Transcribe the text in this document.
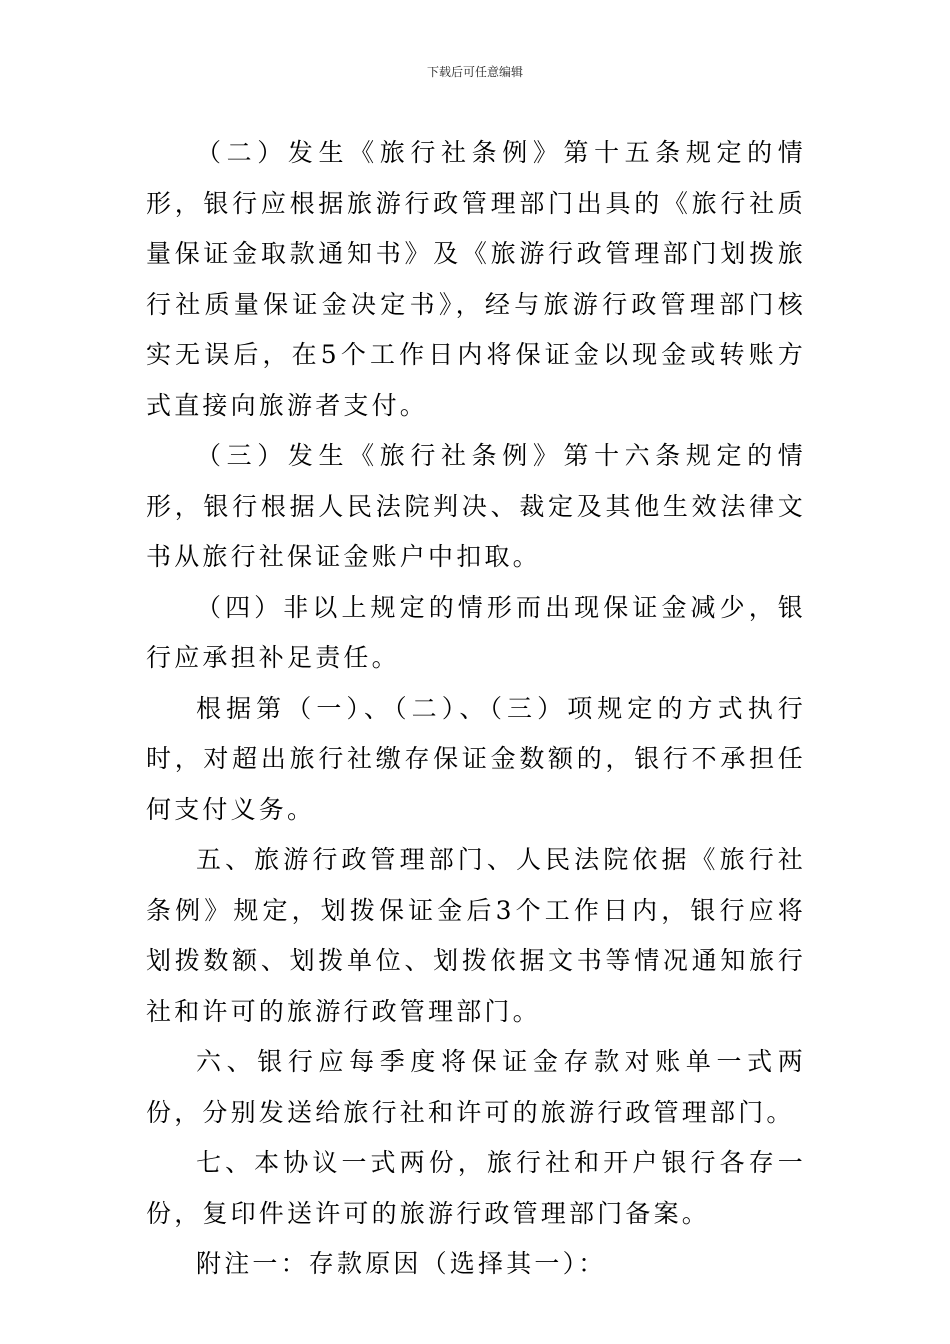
下载后可任意编辑

（二）发生《旅行社条例》第十五条规定的情形，银行应根据旅游行政管理部门出具的《旅行社质量保证金取款通知书》及《旅游行政管理部门划拨旅行社质量保证金决定书》，经与旅游行政管理部门核实无误后，在5个工作日内将保证金以现金或转账方式直接向旅游者支付。

（三）发生《旅行社条例》第十六条规定的情形，银行根据人民法院判决、裁定及其他生效法律文书从旅行社保证金账户中扣取。

（四）非以上规定的情形而出现保证金减少，银行应承担补足责任。

根据第（一）、（二）、（三）项规定的方式执行时，对超出旅行社缴存保证金数额的，银行不承担任何支付义务。

五、旅游行政管理部门、人民法院依据《旅行社条例》规定，划拨保证金后3个工作日内，银行应将划拨数额、划拨单位、划拨依据文书等情况通知旅行社和许可的旅游行政管理部门。

六、银行应每季度将保证金存款对账单一式两份，分别发送给旅行社和许可的旅游行政管理部门。

七、本协议一式两份，旅行社和开户银行各存一份，复印件送许可的旅游行政管理部门备案。

附注一：存款原因（选择其一）：
